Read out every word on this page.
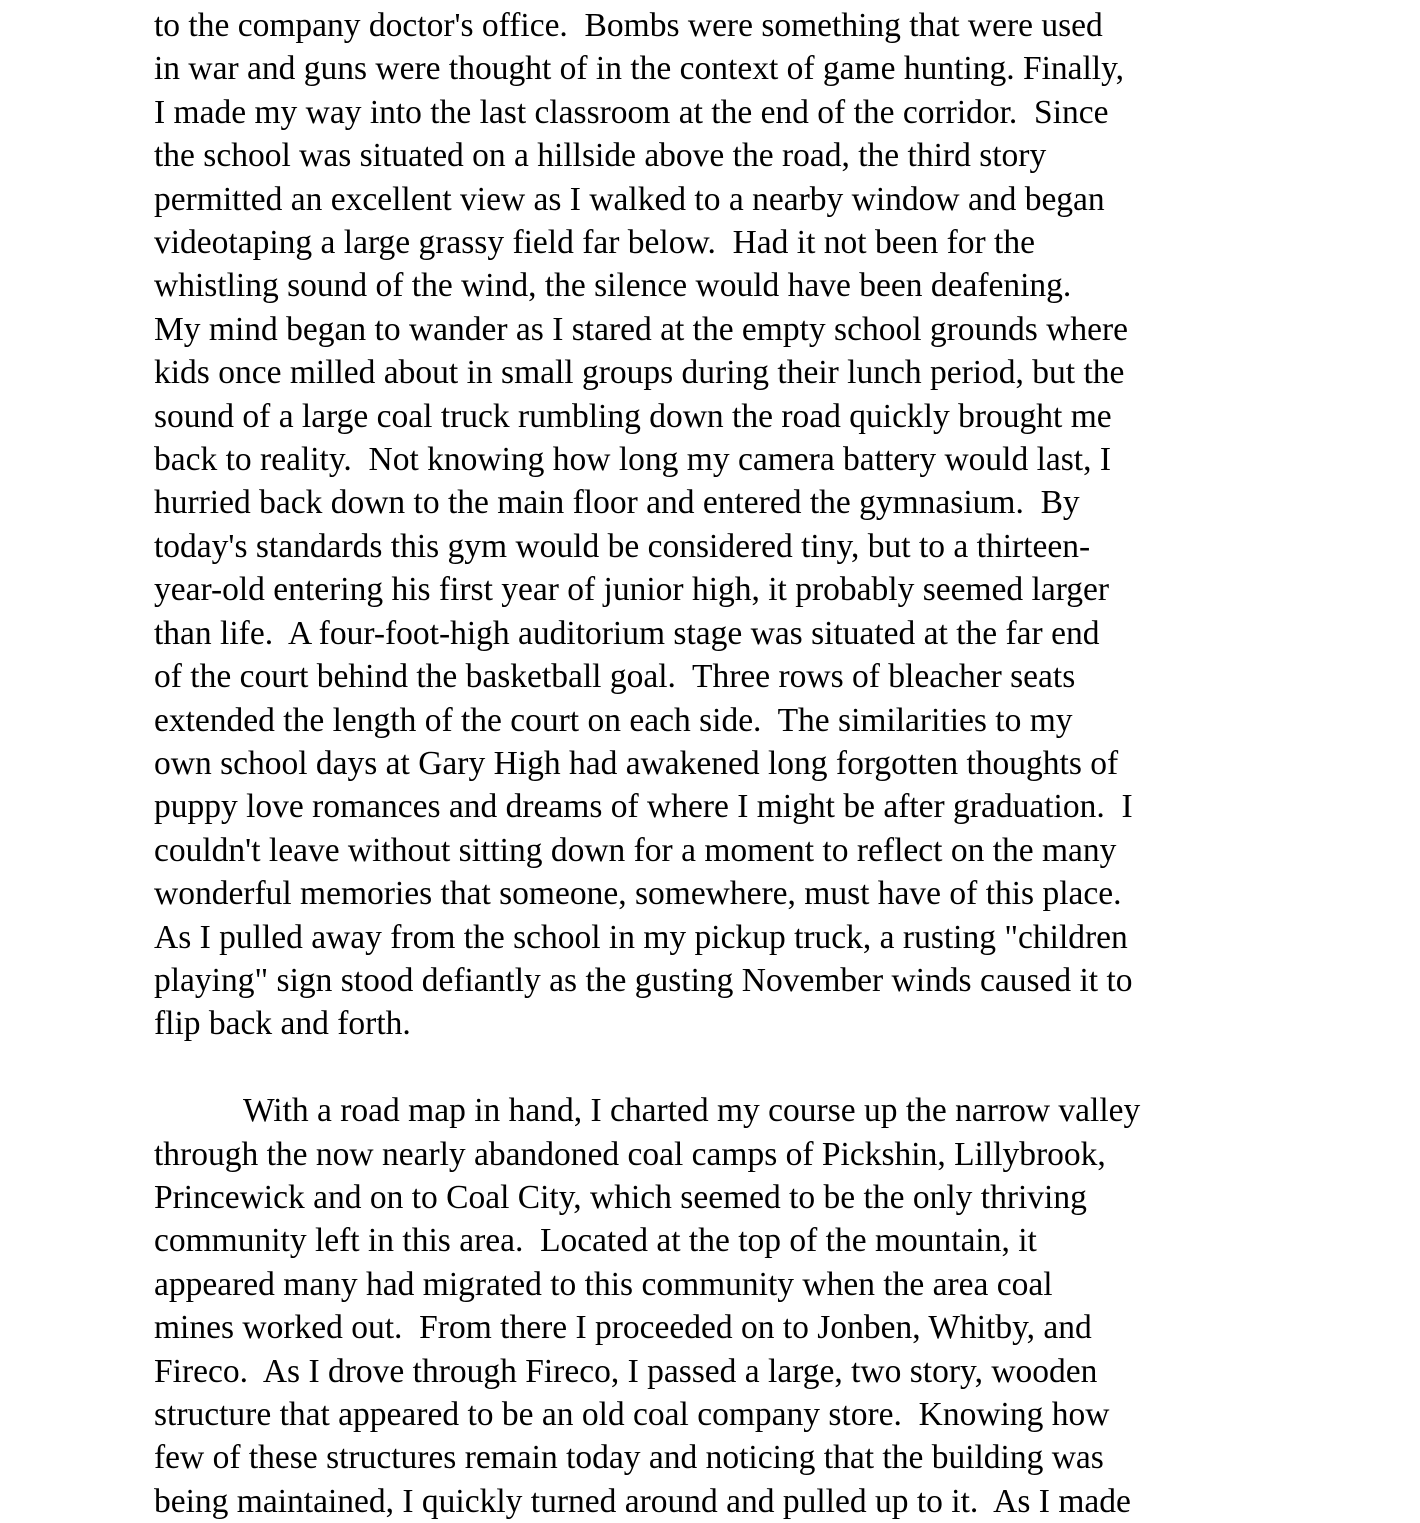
to the company doctor's office.  Bombs were something that were used
in war and guns were thought of in the context of game hunting. Finally,
I made my way into the last classroom at the end of the corridor.  Since
the school was situated on a hillside above the road, the third story
permitted an excellent view as I walked to a nearby window and began
videotaping a large grassy field far below.  Had it not been for the
whistling sound of the wind, the silence would have been deafening.
My mind began to wander as I stared at the empty school grounds where
kids once milled about in small groups during their lunch period, but the
sound of a large coal truck rumbling down the road quickly brought me
back to reality.  Not knowing how long my camera battery would last, I
hurried back down to the main floor and entered the gymnasium.  By
today's standards this gym would be considered tiny, but to a thirteen-
year-old entering his first year of junior high, it probably seemed larger
than life.  A four-foot-high auditorium stage was situated at the far end
of the court behind the basketball goal.  Three rows of bleacher seats
extended the length of the court on each side.  The similarities to my
own school days at Gary High had awakened long forgotten thoughts of
puppy love romances and dreams of where I might be after graduation.  I
couldn't leave without sitting down for a moment to reflect on the many
wonderful memories that someone, somewhere, must have of this place.
As I pulled away from the school in my pickup truck, a rusting "children
playing" sign stood defiantly as the gusting November winds caused it to
flip back and forth.
With a road map in hand, I charted my course up the narrow valley
through the now nearly abandoned coal camps of Pickshin, Lillybrook,
Princewick and on to Coal City, which seemed to be the only thriving
community left in this area.  Located at the top of the mountain, it
appeared many had migrated to this community when the area coal
mines worked out.  From there I proceeded on to Jonben, Whitby, and
Fireco.  As I drove through Fireco, I passed a large, two story, wooden
structure that appeared to be an old coal company store.  Knowing how
few of these structures remain today and noticing that the building was
being maintained, I quickly turned around and pulled up to it.  As I made
